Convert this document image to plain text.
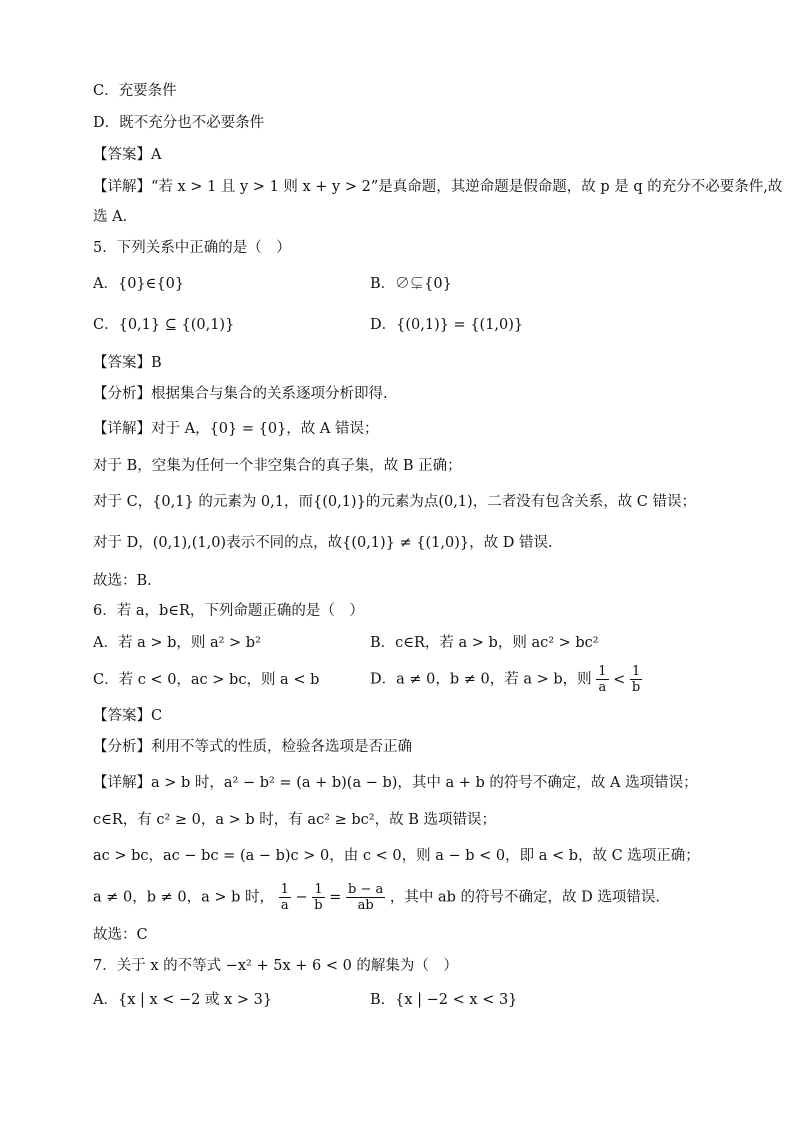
C．充要条件
D．既不充分也不必要条件
【答案】A
【详解】“若 x > 1 且 y > 1 则 x + y > 2”是真命题，其逆命题是假命题，故 p 是 q 的充分不必要条件,故
选 A.
5．下列关系中正确的是（　）
A．{0}∈{0}	B．∅⊊{0}
C．{0,1} ⊆ {(0,1)}	D．{(0,1)} = {(1,0)}
【答案】B
【分析】根据集合与集合的关系逐项分析即得.
【详解】对于 A，{0} = {0}，故 A 错误；
对于 B，空集为任何一个非空集合的真子集，故 B 正确；
对于 C，{0,1} 的元素为 0,1，而{(0,1)}的元素为点(0,1)，二者没有包含关系，故 C 错误；
对于 D，(0,1),(1,0)表示不同的点，故{(0,1)} ≠ {(1,0)}，故 D 错误.
故选：B.
6．若 a，b∈R，下列命题正确的是（　）
A．若 a > b，则 a² > b²	B．c∈R，若 a > b，则 ac² > bc²
C．若 c < 0，ac > bc，则 a < b	D．a ≠ 0，b ≠ 0，若 a > b，则 $\frac{1}{a} < \frac{1}{b}$
【答案】C
【分析】利用不等式的性质，检验各选项是否正确
【详解】a > b 时，a² − b² = (a + b)(a − b)，其中 a + b 的符号不确定，故 A 选项错误；
c∈R，有 c² ≥ 0，a > b 时，有 ac² ≥ bc²，故 B 选项错误；
ac > bc，ac − bc = (a − b)c > 0，由 c < 0，则 a − b < 0，即 a < b，故 C 选项正确；
a ≠ 0，b ≠ 0，a > b 时， $\frac{1}{a} - \frac{1}{b} = \frac{b - a}{ab}$ ，其中 ab 的符号不确定，故 D 选项错误.
故选：C
7．关于 x 的不等式 −x² + 5x + 6 < 0 的解集为（　）
A．{x | x < −2 或 x > 3}	B．{x | −2 < x < 3}
